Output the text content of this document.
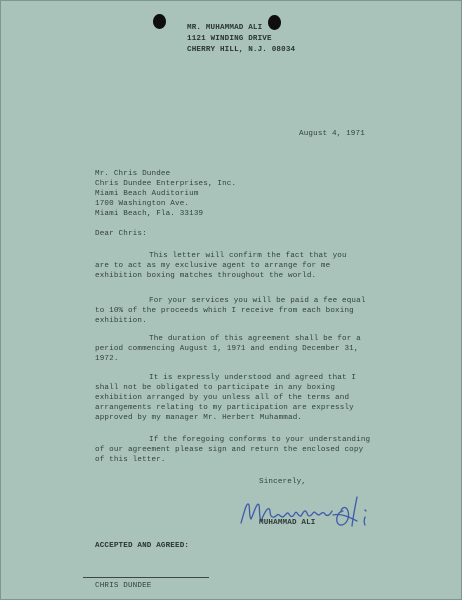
MR. MUHAMMAD ALI

1121 WINDING DRIVE

CHERRY HILL, N.J. 08034

August 4, 1971

Mr. Chris Dundee

Chris Dundee Enterprises, Inc.

Miami Beach Auditorium

1700 Washington Ave.

Miami Beach, Fla. 33139

Dear Chris:

This letter will confirm the fact that you

are to act as my exclusive agent to arrange for me

exhibition boxing matches throughout the world.

For your services you will be paid a fee equal

to 10% of the proceeds which I receive from each boxing

exhibition.

The duration of this agreement shall be for a

period commencing August 1, 1971 and ending December 31,

1972.

It is expressly understood and agreed that I

shall not be obligated to participate in any boxing

exhibition arranged by you unless all of the terms and

arrangements relating to my participation are expressly

approved by my manager Mr. Herbert Muhammad.

If the foregoing conforms to your understanding

of our agreement please sign and return the enclosed copy

of this letter.

Sincerely,

MUHAMMAD ALI

ACCEPTED AND AGREED:

CHRIS DUNDEE
